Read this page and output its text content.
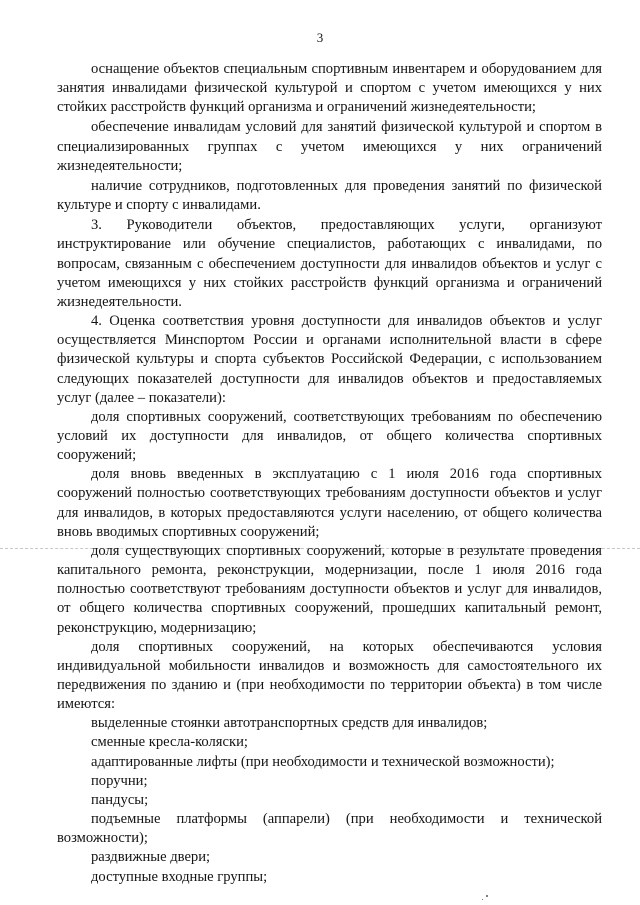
3

оснащение объектов специальным спортивным инвентарем и оборудованием для занятия инвалидами физической культурой и спортом с учетом имеющихся у них стойких расстройств функций организма и ограничений жизнедеятельности;

обеспечение инвалидам условий для занятий физической культурой и спортом в специализированных группах с учетом имеющихся у них ограничений жизнедеятельности;

наличие сотрудников, подготовленных для проведения занятий по физической культуре и спорту с инвалидами.

3. Руководители объектов, предоставляющих услуги, организуют инструктирование или обучение специалистов, работающих с инвалидами, по вопросам, связанным с обеспечением доступности для инвалидов объектов и услуг с учетом имеющихся у них стойких расстройств функций организма и ограничений жизнедеятельности.

4. Оценка соответствия уровня доступности для инвалидов объектов и услуг осуществляется Минспортом России и органами исполнительной власти в сфере физической культуры и спорта субъектов Российской Федерации, с использованием следующих показателей доступности для инвалидов объектов и предоставляемых услуг (далее – показатели):

доля спортивных сооружений, соответствующих требованиям по обеспечению условий их доступности для инвалидов, от общего количества спортивных сооружений;

доля вновь введенных в эксплуатацию с 1 июля 2016 года спортивных сооружений полностью соответствующих требованиям доступности объектов и услуг для инвалидов, в которых предоставляются услуги населению, от общего количества вновь вводимых спортивных сооружений;

доля существующих спортивных сооружений, которые в результате проведения капитального ремонта, реконструкции, модернизации, после 1 июля 2016 года полностью соответствуют требованиям доступности объектов и услуг для инвалидов, от общего количества спортивных сооружений, прошедших капитальный ремонт, реконструкцию, модернизацию;

доля спортивных сооружений, на которых обеспечиваются условия индивидуальной мобильности инвалидов и возможность для самостоятельного их передвижения по зданию и (при необходимости по территории объекта) в том числе имеются:

выделенные стоянки автотранспортных средств для инвалидов;

сменные кресла-коляски;

адаптированные лифты (при необходимости и технической возможности);

поручни;

пандусы;

подъемные платформы (аппарели) (при необходимости и технической возможности);

раздвижные двери;

доступные входные группы;
